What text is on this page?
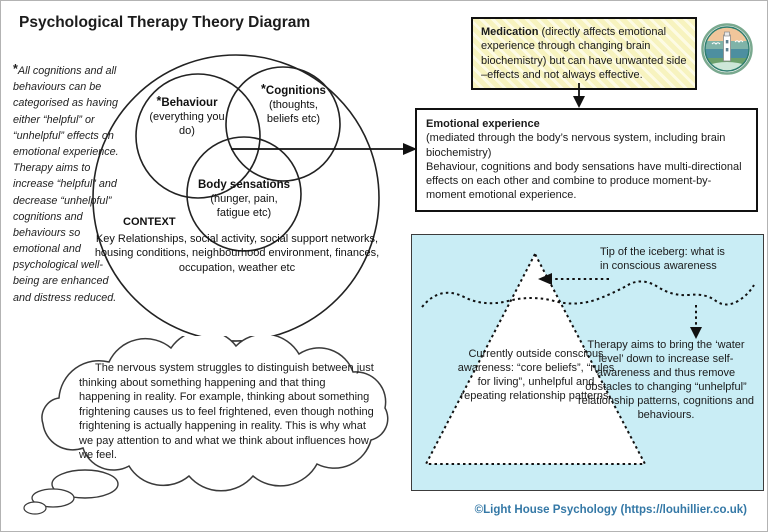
Psychological Therapy Theory Diagram
*All cognitions and all behaviours can be categorised as having either “helpful” or “unhelpful” effects on emotional experience. Therapy aims to increase “helpful” and decrease “unhelpful” cognitions and behaviours so emotional and psychological well-being are enhanced and distress reduced.
*Behaviour
(everything you do)
*Cognitions
(thoughts, beliefs etc)
Body sensations
(hunger, pain, fatigue etc)
CONTEXT
Key Relationships, social activity, social support networks, housing conditions, neighbourhood environment, finances, occupation, weather etc
Medication (directly affects emotional experience through changing brain biochemistry) but can have unwanted side –effects and not always effective.
Emotional experience
(mediated through the body’s nervous system, including brain biochemistry)
Behaviour, cognitions and body sensations have multi-directional effects on each other and combine to produce moment-by-moment emotional experience.
Tip of the iceberg: what is in conscious awareness
Therapy aims to bring the ‘water level’ down to increase self-awareness and thus remove obstacles to changing “unhelpful” relationship patterns, cognitions and behaviours.
Currently outside conscious awareness: “core beliefs”, “rules for living”, unhelpful and repeating relationship patterns.
The nervous system struggles to distinguish between just thinking about something happening and that thing happening in reality. For example, thinking about something frightening causes us to feel frightened, even though nothing frightening is actually happening in reality. This is why what we pay attention to and what we think about influences how we feel.
©Light House Psychology (https://louhillier.co.uk)
